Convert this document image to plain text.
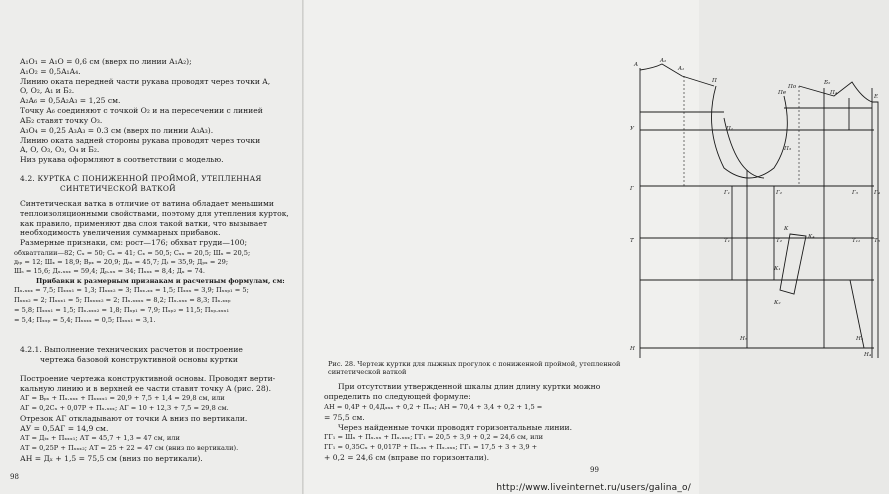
A₁O₁ = A₁O = 0,6 см (вверх по линии A₁A₂);
A₁O₂ = 0,5A₁A₄.
Линию оката передней части рукава проводят через точки A,
O, O₂, A₁ и Б₂.
A₂A₆ = 0,5A₂A₃ = 1,25 см.
Точку A₆ соединяют с точкой O₂ и на пересечении с линией
AБ₂ ставят точку O₃.
A₃O₄ = 0,25 A₃A₃ = 0.3 см (вверх по линии A₃A₃).
Линию оката задней стороны рукава проводят через точки
A, O, O₃, O₃, O₄ и Б₂.
Низ рукава оформляют в соответствии с моделью.
4.2. КУРТКА С ПОНИЖЕННОЙ ПРОЙМОЙ, УТЕПЛЕННАЯ
СИНТЕТИЧЕСКОЙ ВАТКОЙ
Синтетическая ватка в отличие от ватина обладает меньшими
теплоизоляционными свойствами, поэтому для утепления курток,
как правило, применяют два слоя такой ватки, что вызывает
необходимость увеличения суммарных прибавок.
Размерные признаки, см: рост—176; обхват груди—100;
обхватталии—82; Сₓ = 50; Сₓ = 41; Сₓ = 50,5; Сₓₓ = 20,5; Шₓ = 20,5;
дₜₚ = 12; Шₓ = 18,9; Вₚₓ = 20,9; Дₜₓ = 45,7; Дₜ = 35,9; Дₚₓ = 29;
Шₛ = 15,6; Дₓ.ₓₓₓ = 59,4; Дₚ.ₓₓ = 34; Пₓₓₓ = 8,4; Дₓ = 74.
Прибавки к размерным признакам и расчетным формулам, см:
Пₓ.ₓₓₓ = 7,5; Пₓₓₓ₁ = 1,3; Пₓₓₓ₂ = 3; Пₓₓ.ₓₓ = 1,5; Пₓₓₓ = 3,9; Пₓₓₚ₁ = 5;
Пₓₓₓ₂ = 2; Пₓₓₓ₁ = 5; Пₓₓₓₓ₂ = 2; Пₓ.ₓₓₓₓ = 8,2; Пₓ.ₓₓₓ = 8,3; Пₓ.ₓₓₚ
= 5,8; Пₓₓₓ₁ = 1,5; Пₓ.ₓₓₓ₂ = 1,8; Пₓₚ₁ = 7,9; Пₓₚ₂ = 11,5; Пₓₚ.ₓₓₓ₁
= 5,4; Пₓₓₚ = 5,4; Пₓₓₓₓ = 0,5; Пₓₓₓ₁ = 3,1.
4.2.1. Выполнение технических расчетов и построение
чертежа базовой конструктивной основы куртки
Построение чертежа конструктивной основы. Проводят верти-
кальную линию и в верхней ее части ставят точку А (рис. 28).
АГ = Вₚₓ + Пₓ.ₓₓₓ + Пₓₓₓₓ₁ = 20,9 + 7,5 + 1,4 = 29,8 см, или
АГ = 0,2Cₓ + 0,07P + Пₓ.ₓₓₓ; АГ = 10 + 12,3 + 7,5 = 29,8 см.
Отрезок АГ откладывают от точки А вниз по вертикали.
АУ = 0,5АГ = 14,9 см.
АТ = Дₜₓ + Пₓₓₓ₁; АТ = 45,7 + 1,3 = 47 см, или
АТ = 0,25P + Пₓₓₓ₂; АТ = 25 + 22 = 47 см (вниз по вертикали).
АН = Дₓ + 1,5 = 75,5 см (вниз по вертикали).
98
A
A₂
A₁
П
П₁
Пе
По
П₃
П₄
Г
Г₁	Г₂	Г₃	Г₄
У
Т	Т₁	Т₂	Т₁₁ Т₃
К
К₄
К₁
К₂
Н
Н₅	Н₃
Н₄
Б₂
Е
Рис. 28. Чертеж куртки для лыжных прогулок с пониженной проймой, утепленной
синтетической ваткой
При отсутствии утвержденной шкалы длин длину куртки можно
определить по следующей формуле:
АН = 0,4P + 0,4Дₓₓₓ + 0,2 + Пₓₓ; АН = 70,4 + 3,4 + 0,2 + 1,5 =
= 75,5 см.
Через найденные точки проводят горизонтальные линии.
ГГ₁ = Шₓ + Пₓ.ₓₓ + Пₓ.ₓₓₓ; ГГ₁ = 20,5 + 3,9 + 0,2 = 24,6 см, или
ГГ₁ = 0,35Cₓ + 0,017P + Пₓ.ₓₓ + Пₓ.ₓₓₓ; ГГ₁ = 17,5 + 3 + 3,9 +
+ 0,2 = 24,6 см (вправе по горизонтали).
99
http://www.liveinternet.ru/users/galina_o/
